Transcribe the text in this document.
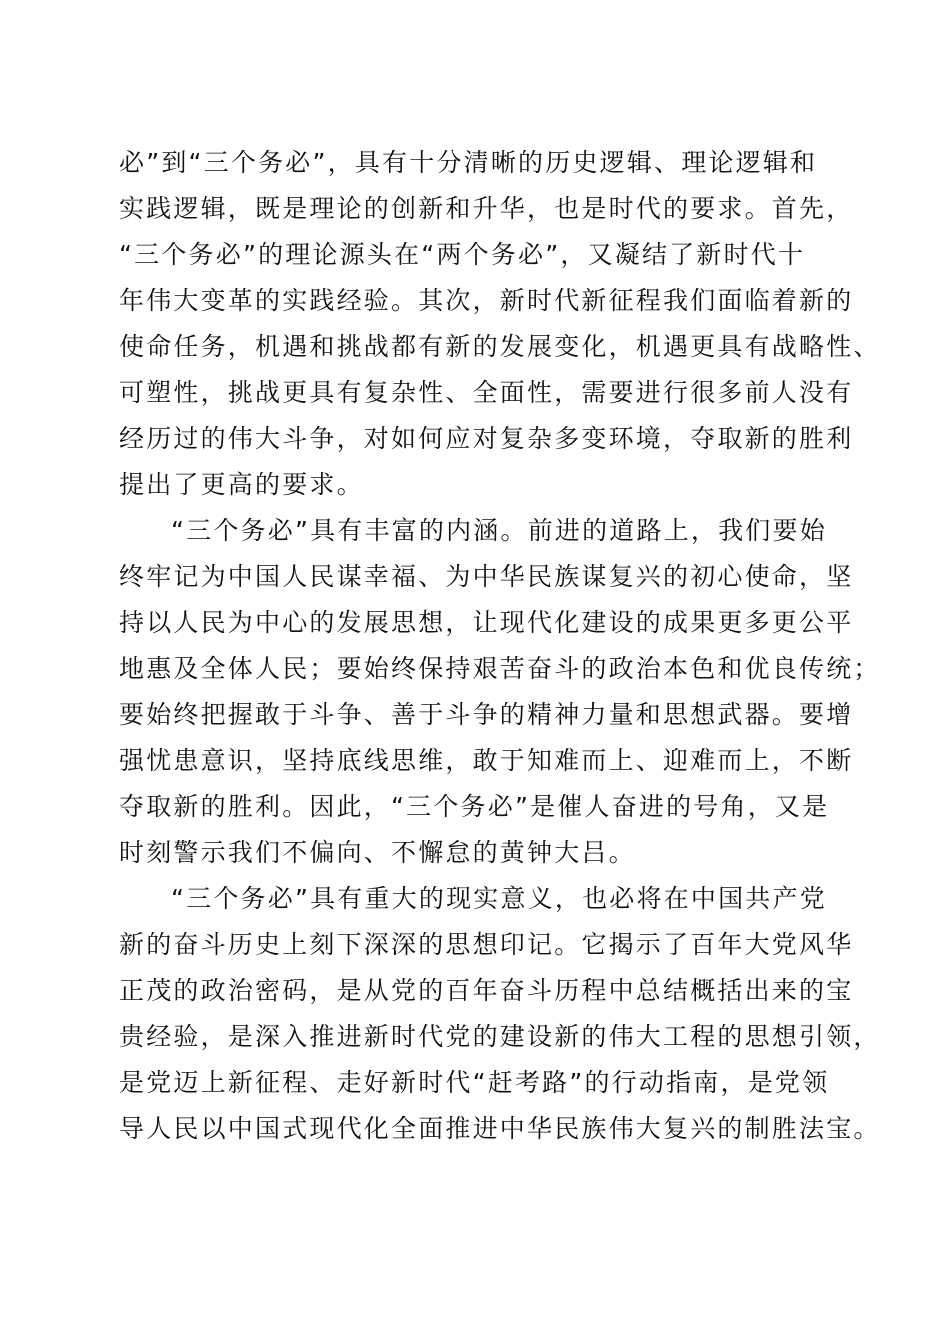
必”到“三个务必”，具有十分清晰的历史逻辑、理论逻辑和
实践逻辑，既是理论的创新和升华，也是时代的要求。首先，
“三个务必”的理论源头在“两个务必”，又凝结了新时代十
年伟大变革的实践经验。其次，新时代新征程我们面临着新的
使命任务，机遇和挑战都有新的发展变化，机遇更具有战略性、
可塑性，挑战更具有复杂性、全面性，需要进行很多前人没有
经历过的伟大斗争，对如何应对复杂多变环境，夺取新的胜利
提出了更高的要求。
“三个务必”具有丰富的内涵。前进的道路上，我们要始
终牢记为中国人民谋幸福、为中华民族谋复兴的初心使命，坚
持以人民为中心的发展思想，让现代化建设的成果更多更公平
地惠及全体人民；要始终保持艰苦奋斗的政治本色和优良传统；
要始终把握敢于斗争、善于斗争的精神力量和思想武器。要增
强忧患意识，坚持底线思维，敢于知难而上、迎难而上，不断
夺取新的胜利。因此，“三个务必”是催人奋进的号角，又是
时刻警示我们不偏向、不懈怠的黄钟大吕。
“三个务必”具有重大的现实意义，也必将在中国共产党
新的奋斗历史上刻下深深的思想印记。它揭示了百年大党风华
正茂的政治密码，是从党的百年奋斗历程中总结概括出来的宝
贵经验，是深入推进新时代党的建设新的伟大工程的思想引领，
是党迈上新征程、走好新时代“赶考路”的行动指南，是党领
导人民以中国式现代化全面推进中华民族伟大复兴的制胜法宝。
